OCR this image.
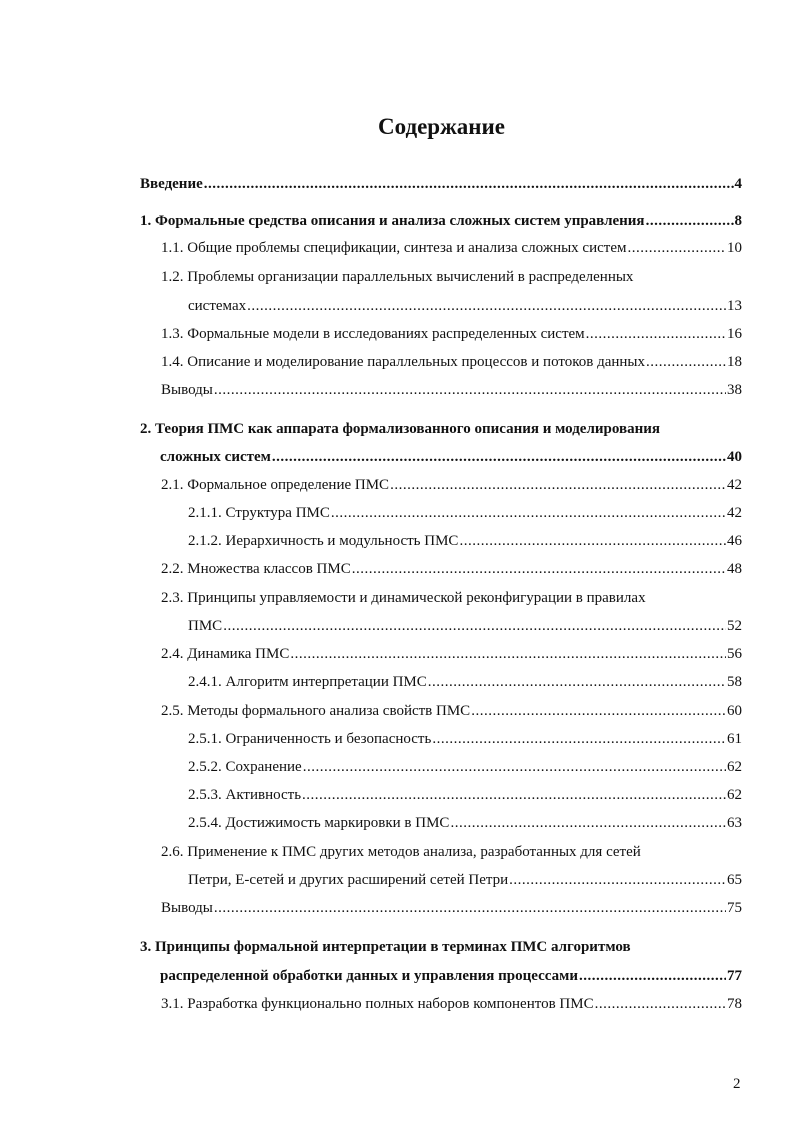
Содержание
Введение .....	4
1. Формальные средства описания и анализа сложных систем управления .....	8
1.1. Общие проблемы спецификации, синтеза и анализа сложных систем .....	10
1.2. Проблемы организации параллельных вычислений в распределенных
системах .....	13
1.3. Формальные модели в исследованиях распределенных систем .....	16
1.4. Описание и моделирование параллельных процессов и потоков данных .....	18
Выводы .....	38
2. Теория ПМС как аппарата формализованного описания и моделирования
сложных систем .....	40
2.1. Формальное определение ПМС .....	42
2.1.1. Структура ПМС .....	42
2.1.2. Иерархичность и модульность ПМС .....	46
2.2. Множества классов ПМС .....	48
2.3. Принципы управляемости и динамической реконфигурации в правилах
ПМС .....	52
2.4. Динамика ПМС .....	56
2.4.1. Алгоритм интерпретации ПМС .....	58
2.5. Методы формального анализа свойств ПМС .....	60
2.5.1. Ограниченность и безопасность .....	61
2.5.2. Сохранение .....	62
2.5.3. Активность .....	62
2.5.4. Достижимость маркировки в ПМС .....	63
2.6. Применение к ПМС других методов анализа, разработанных для сетей
Петри, Е-сетей и других расширений сетей Петри .....	65
Выводы .....	75
3. Принципы формальной интерпретации в терминах ПМС алгоритмов
распределенной обработки данных и управления процессами .....	77
3.1. Разработка функционально полных наборов компонентов ПМС .....	78
2
